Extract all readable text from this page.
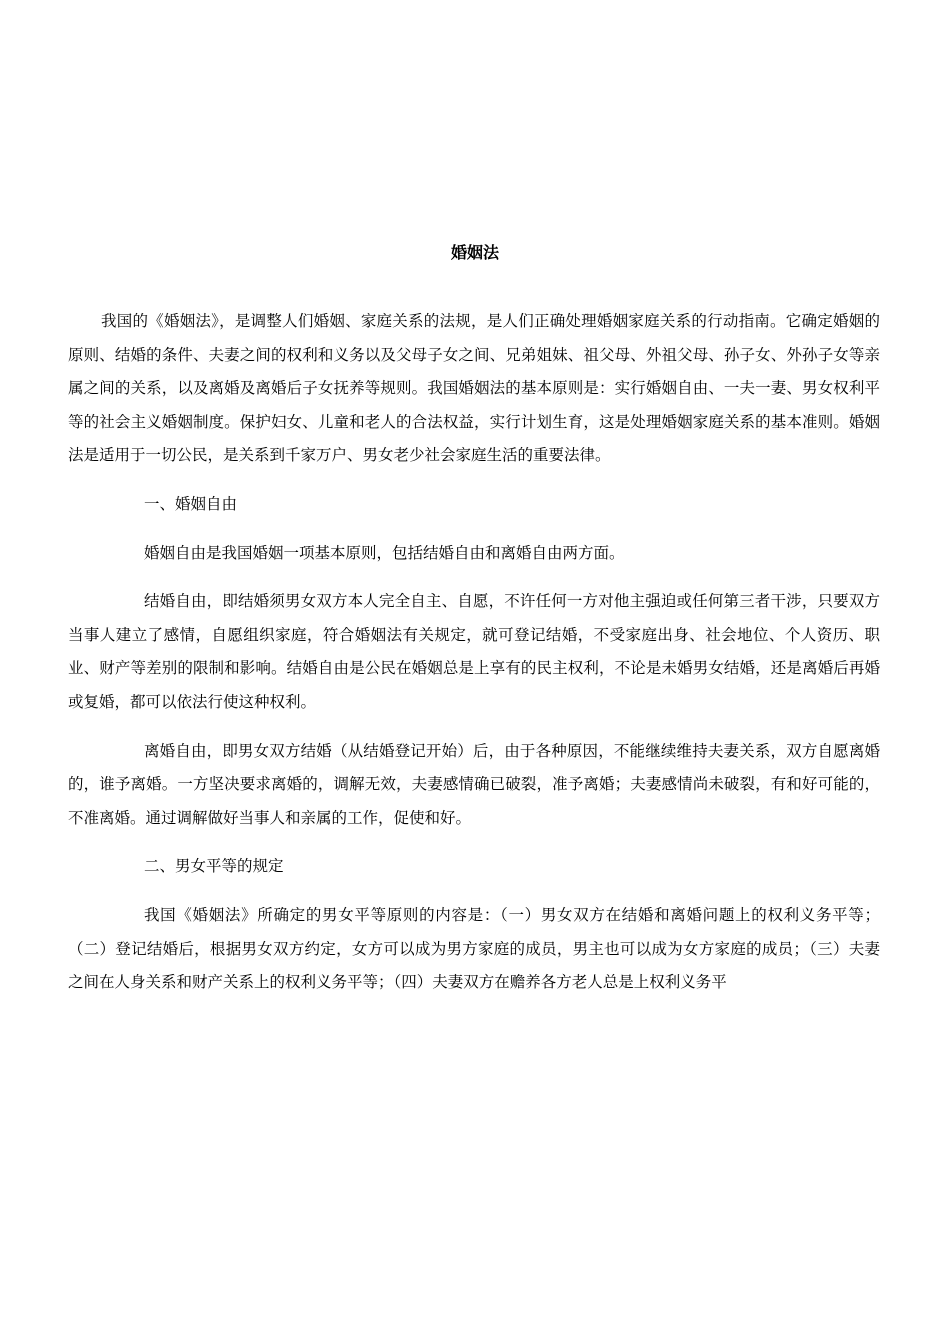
婚姻法

我国的《婚姻法》，是调整人们婚姻、家庭关系的法规，是人们正确处理婚姻家庭关系的行动指南。它确定婚姻的原则、结婚的条件、夫妻之间的权利和义务以及父母子女之间、兄弟姐妹、祖父母、外祖父母、孙子女、外孙子女等亲属之间的关系，以及离婚及离婚后子女抚养等规则。我国婚姻法的基本原则是：实行婚姻自由、一夫一妻、男女权利平等的社会主义婚姻制度。保护妇女、儿童和老人的合法权益，实行计划生育，这是处理婚姻家庭关系的基本准则。婚姻法是适用于一切公民，是关系到千家万户、男女老少社会家庭生活的重要法律。

一、婚姻自由

婚姻自由是我国婚姻一项基本原则，包括结婚自由和离婚自由两方面。

结婚自由，即结婚须男女双方本人完全自主、自愿，不许任何一方对他主强迫或任何第三者干涉，只要双方当事人建立了感情，自愿组织家庭，符合婚姻法有关规定，就可登记结婚，不受家庭出身、社会地位、个人资历、职业、财产等差别的限制和影响。结婚自由是公民在婚姻总是上享有的民主权利，不论是未婚男女结婚，还是离婚后再婚或复婚，都可以依法行使这种权利。

离婚自由，即男女双方结婚（从结婚登记开始）后，由于各种原因，不能继续维持夫妻关系，双方自愿离婚的，谁予离婚。一方坚决要求离婚的，调解无效，夫妻感情确已破裂，准予离婚；夫妻感情尚未破裂，有和好可能的，不准离婚。通过调解做好当事人和亲属的工作，促使和好。

二、男女平等的规定

我国《婚姻法》所确定的男女平等原则的内容是：（一）男女双方在结婚和离婚问题上的权利义务平等；（二）登记结婚后，根据男女双方约定，女方可以成为男方家庭的成员，男主也可以成为女方家庭的成员；（三）夫妻之间在人身关系和财产关系上的权利义务平等；（四）夫妻双方在赡养各方老人总是上权利义务平
